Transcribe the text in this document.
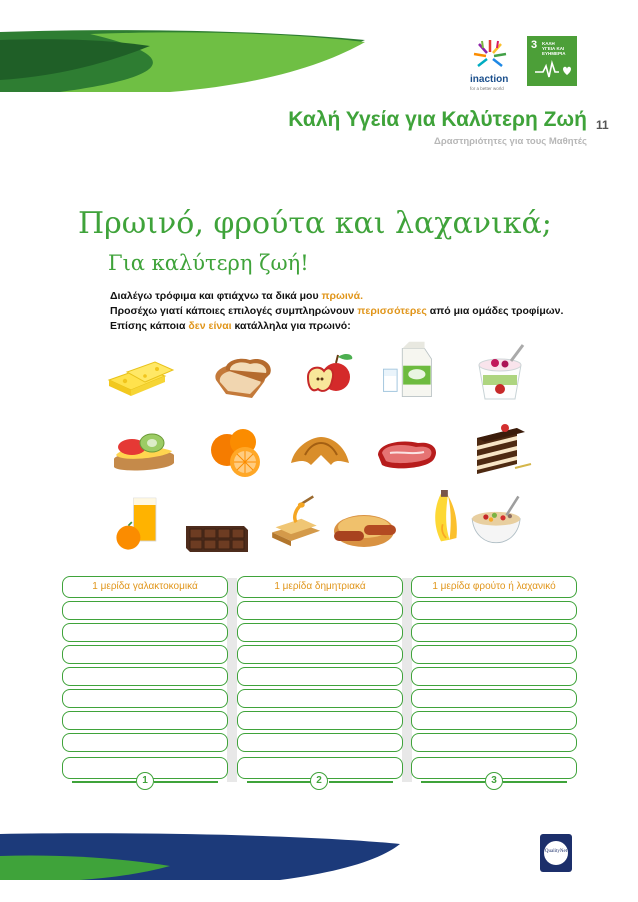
inaction
for a better world
3 ΚΑΛΗ
ΥΓΕΙΑ ΚΑΙ
ΕΥΗΜΕΡΙΑ
Καλή Υγεία για Καλύτερη Ζωή
Δραστηριότητες για τους Μαθητές
11
Πρωινό, φρούτα και λαχανικά;
Για καλύτερη ζωή!
Διαλέγω τρόφιμα και φτιάχνω τα δικά μου πρωινά.
Προσέχω γιατί κάποιες επιλογές συμπληρώνουν περισσότερες από μια ομάδες τροφίμων.
Επίσης κάποια δεν είναι κατάλληλα για πρωινό:
1 μερίδα γαλακτοκομικά
1
1 μερίδα δημητριακά
2
1 μερίδα φρούτο ή λαχανικό
3
QualityNet
